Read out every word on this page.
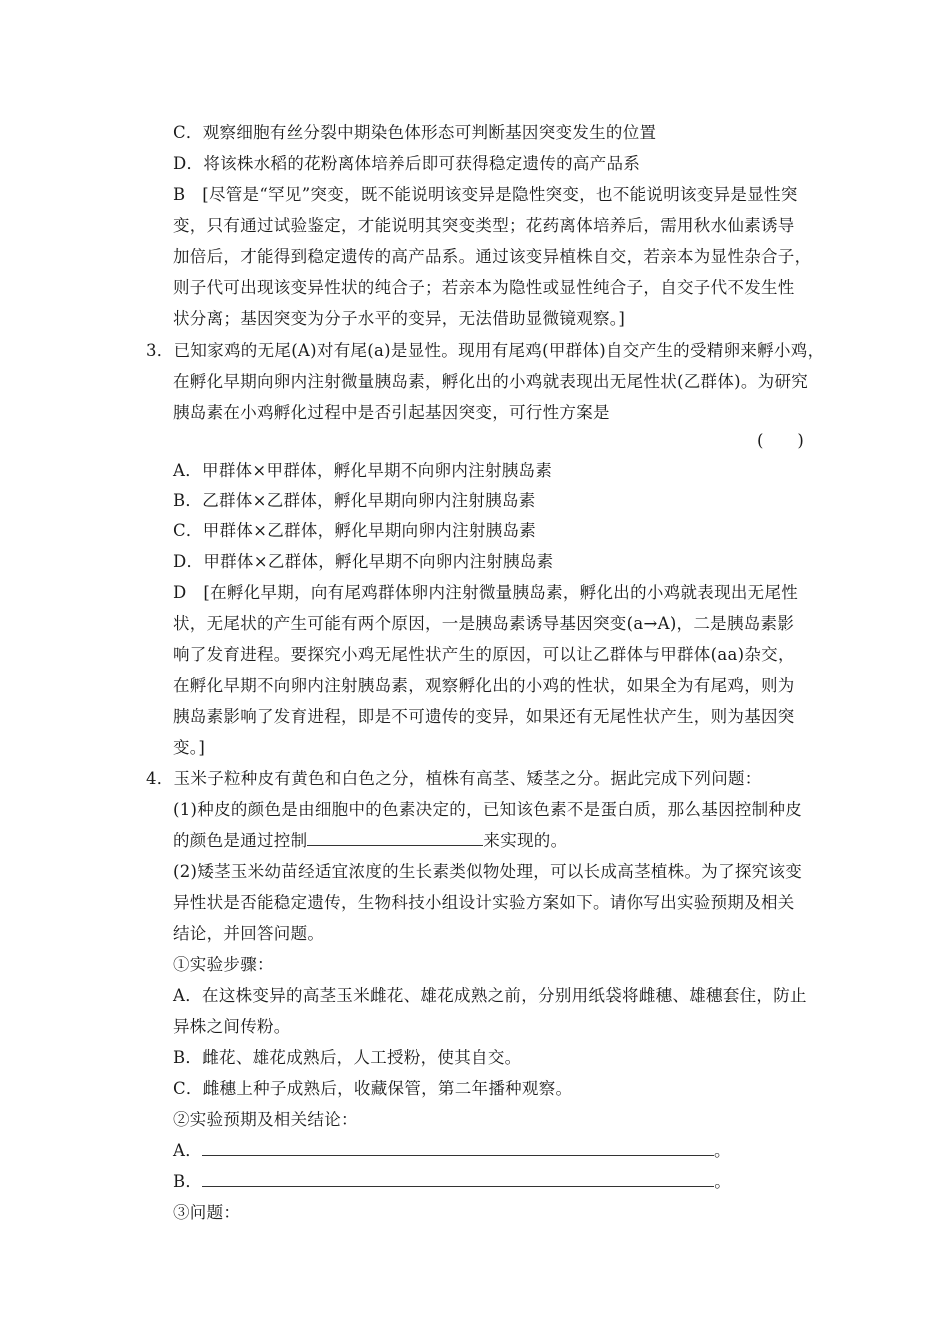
C．观察细胞有丝分裂中期染色体形态可判断基因突变发生的位置
D．将该株水稻的花粉离体培养后即可获得稳定遗传的高产品系
B　[尽管是“罕见”突变，既不能说明该变异是隐性突变，也不能说明该变异是显性突
变，只有通过试验鉴定，才能说明其突变类型；花药离体培养后，需用秋水仙素诱导
加倍后，才能得到稳定遗传的高产品系。通过该变异植株自交，若亲本为显性杂合子，
则子代可出现该变异性状的纯合子；若亲本为隐性或显性纯合子，自交子代不发生性
状分离；基因突变为分子水平的变异，无法借助显微镜观察。]
3．已知家鸡的无尾(A)对有尾(a)是显性。现用有尾鸡(甲群体)自交产生的受精卵来孵小鸡，
在孵化早期向卵内注射微量胰岛素，孵化出的小鸡就表现出无尾性状(乙群体)。为研究
胰岛素在小鸡孵化过程中是否引起基因突变，可行性方案是
(　　)
A．甲群体×甲群体，孵化早期不向卵内注射胰岛素
B．乙群体×乙群体，孵化早期向卵内注射胰岛素
C．甲群体×乙群体，孵化早期向卵内注射胰岛素
D．甲群体×乙群体，孵化早期不向卵内注射胰岛素
D　[在孵化早期，向有尾鸡群体卵内注射微量胰岛素，孵化出的小鸡就表现出无尾性
状，无尾状的产生可能有两个原因，一是胰岛素诱导基因突变(a→A)，二是胰岛素影
响了发育进程。要探究小鸡无尾性状产生的原因，可以让乙群体与甲群体(aa)杂交，
在孵化早期不向卵内注射胰岛素，观察孵化出的小鸡的性状，如果全为有尾鸡，则为
胰岛素影响了发育进程，即是不可遗传的变异，如果还有无尾性状产生，则为基因突
变。]
4．玉米子粒种皮有黄色和白色之分，植株有高茎、矮茎之分。据此完成下列问题：
(1)种皮的颜色是由细胞中的色素决定的，已知该色素不是蛋白质，那么基因控制种皮
的颜色是通过控制	来实现的。
(2)矮茎玉米幼苗经适宜浓度的生长素类似物处理，可以长成高茎植株。为了探究该变
异性状是否能稳定遗传，生物科技小组设计实验方案如下。请你写出实验预期及相关
结论，并回答问题。
①实验步骤：
A．在这株变异的高茎玉米雌花、雄花成熟之前，分别用纸袋将雌穗、雄穗套住，防止
异株之间传粉。
B．雌花、雄花成熟后，人工授粉，使其自交。
C．雌穗上种子成熟后，收藏保管，第二年播种观察。
②实验预期及相关结论：
A．	。
B．	。
③问题：
